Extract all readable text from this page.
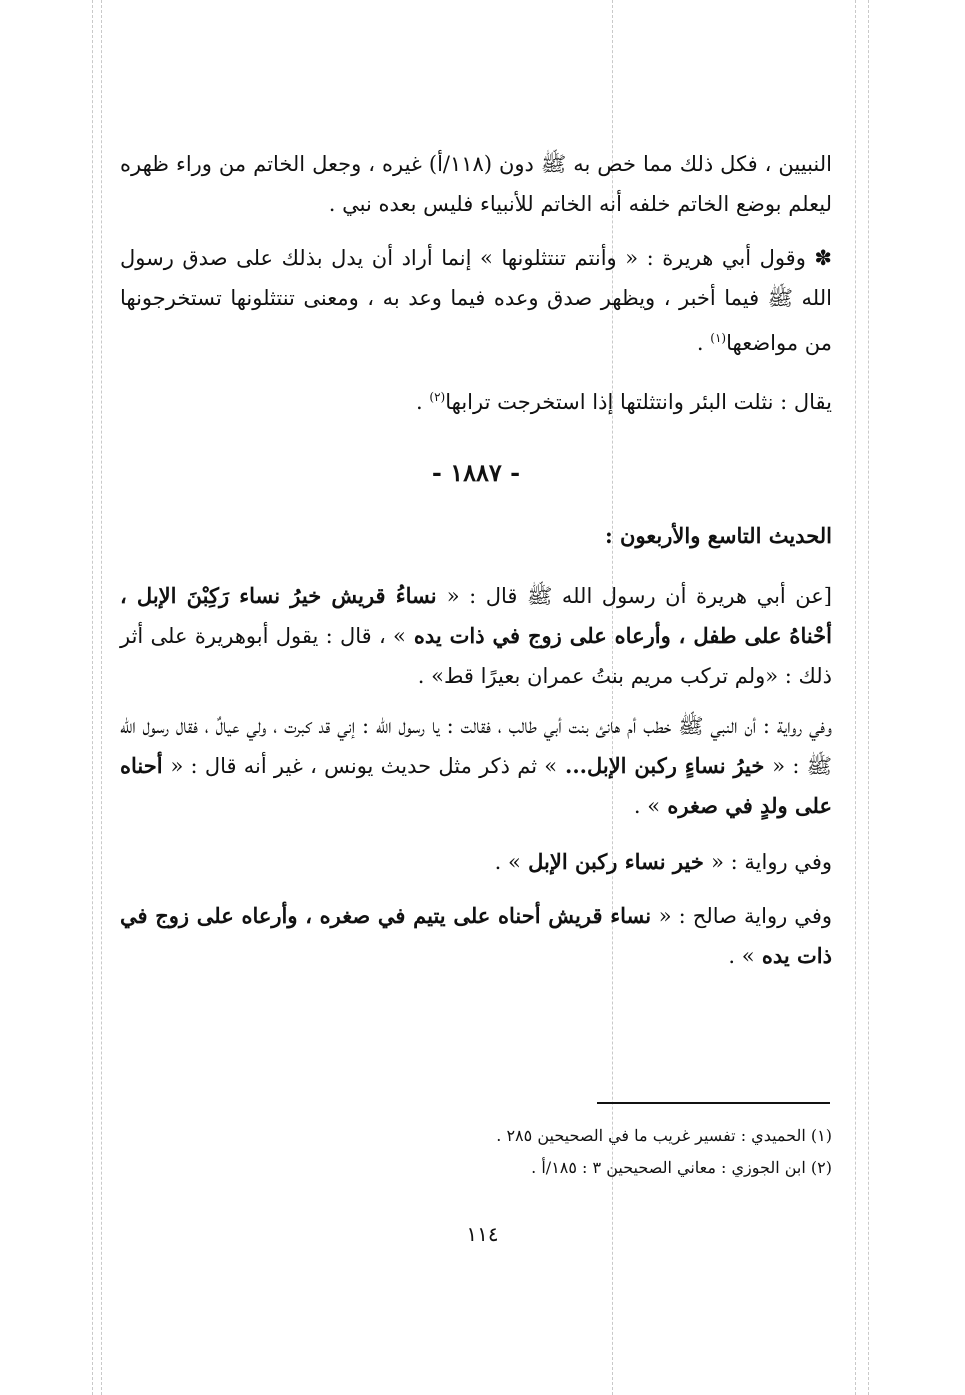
النبيين ، فكل ذلك مما خص به ﷺ دون (١١٨/أ) غيره ، وجعل الخاتم من وراء ظهره ليعلم بوضع الخاتم خلفه أنه الخاتم للأنبياء فليس بعده نبي .

✽ وقول أبي هريرة : « وأنتم تنتثلونها » إنما أراد أن يدل بذلك على صدق رسول الله ﷺ فيما أخبر ، ويظهر صدق وعده فيما وعد به ، ومعنى تنتثلونها تستخرجونها من مواضعها$^{(١)}$ .

يقال : نثلت البئر وانتثلتها إذا استخرجت ترابها$^{(٢)}$ .

- ١٨٨٧ -

الحديث التاسع والأربعون :

[عن أبي هريرة أن رسول الله ﷺ قال : « نساءُ قريش خيرُ نساء رَكِبْنَ الإبل ، أحْناهُ على طفل ، وأرعاه على زوج في ذات يده » ، قال : يقول أبوهريرة على أثر ذلك : «ولم تركب مريم بنتُ عمران بعيرًا قط» .

وفي رواية : أن النبي ﷺ خطب أم هانئ بنت أبي طالب ، فقالت : يا رسول الله : إني قد كبرت ، ولي عيالٌ ، فقال رسول الله ﷺ : « خيرُ نساءٍ ركبن الإبل... » ثم ذكر مثل حديث يونس ، غير أنه قال : « أحناه على ولدٍ في صغره » .

وفي رواية : « خير نساء ركبن الإبل » .

وفي رواية صالح : « نساء قريش أحناه على يتيم في صغره ، وأرعاه على زوج في ذات يده » .

(١) الحميدي : تفسير غريب ما في الصحيحين ٢٨٥ .
(٢) ابن الجوزي : معاني الصحيحين ٣ : ١٨٥/أ .
١١٤
